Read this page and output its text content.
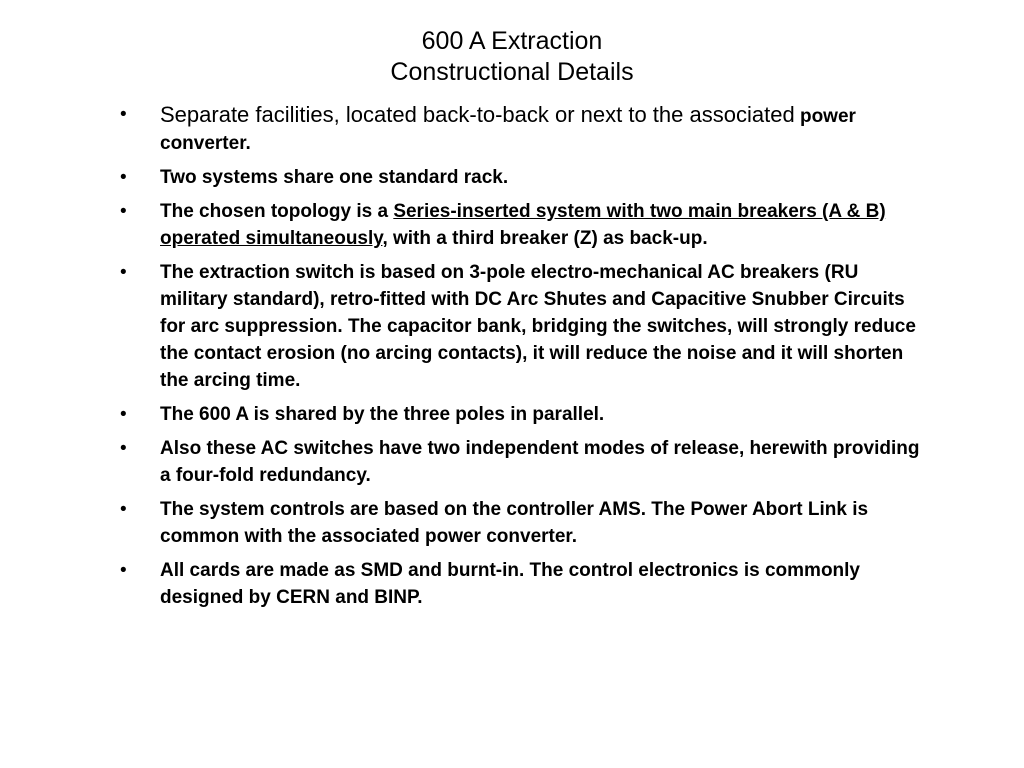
600 A Extraction
Constructional Details
• Separate facilities, located back-to-back or next to the associated power converter.
• Two systems share one standard rack.
• The chosen topology is a Series-inserted system with two main breakers (A & B) operated simultaneously, with a third breaker (Z) as back-up.
• The extraction switch is based on 3-pole electro-mechanical AC breakers (RU military standard), retro-fitted with DC Arc Shutes and Capacitive Snubber Circuits for arc suppression. The capacitor bank, bridging the switches, will strongly reduce the contact erosion (no arcing contacts), it will reduce the noise and it will shorten the arcing time.
• The 600 A is shared by the three poles in parallel.
• Also these AC switches have two independent modes of release, herewith providing a four-fold redundancy.
• The system controls are based on the controller AMS. The Power Abort Link is common with the associated power converter.
• All cards are made as SMD and burnt-in. The control electronics is commonly designed by CERN and BINP.
